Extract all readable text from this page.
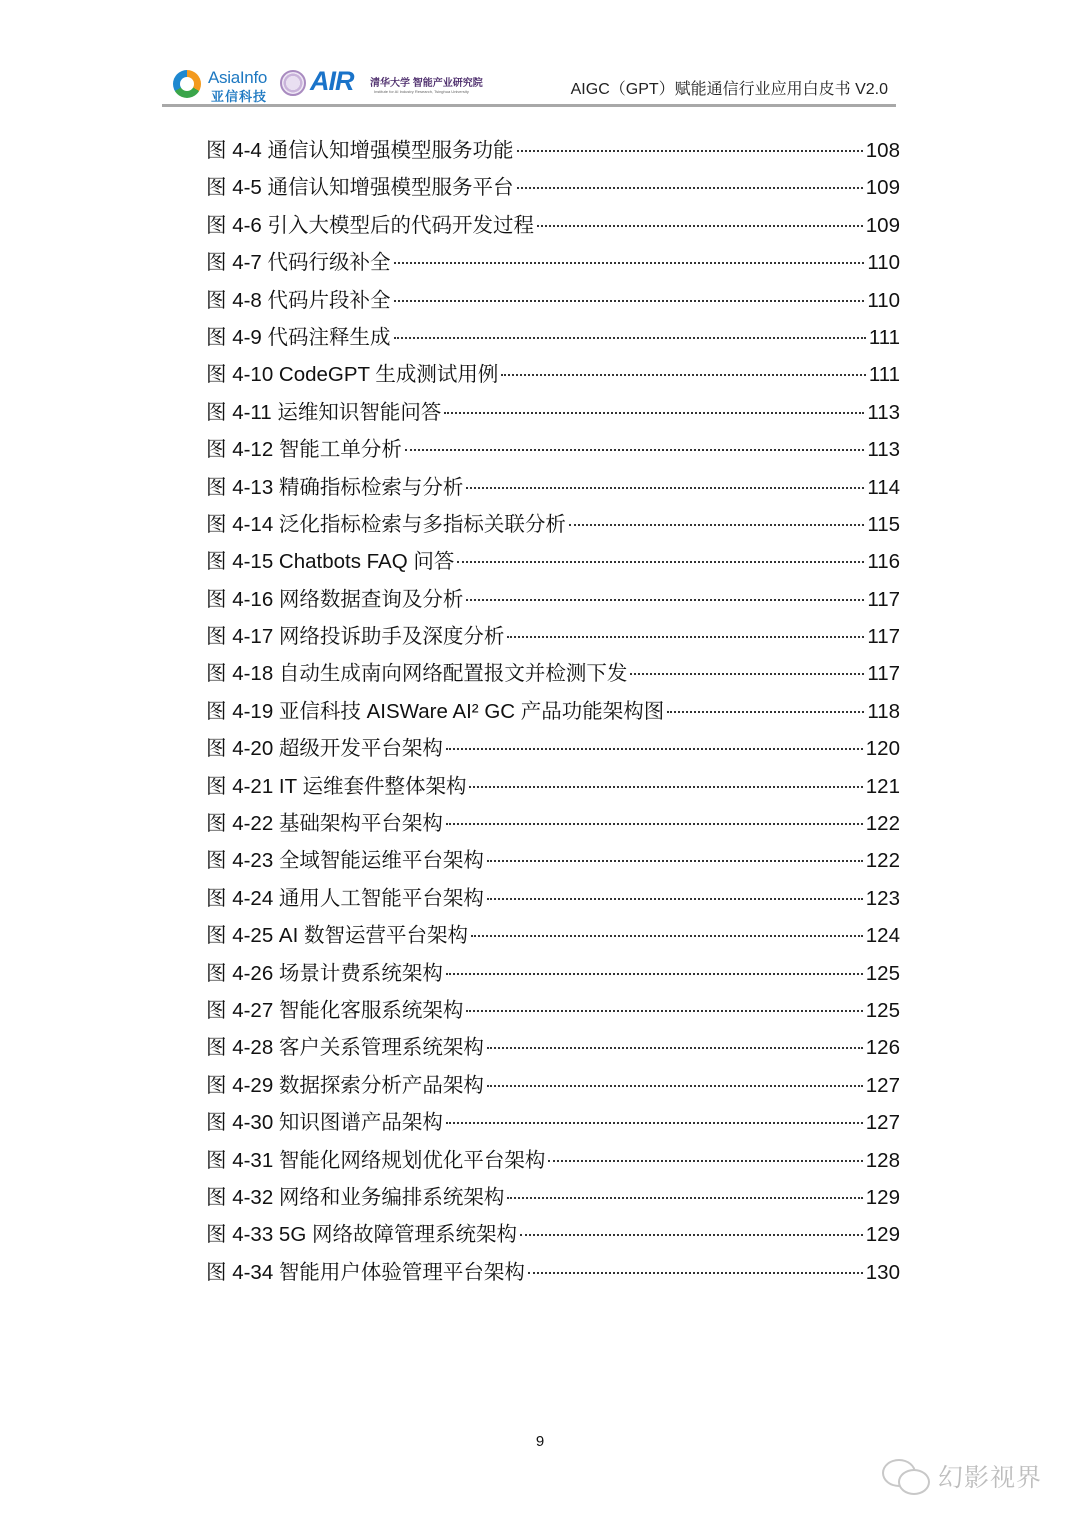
AsiaInfo
亚信科技
AIR 清华大学 智能产业研究院
Institute for AI Industry Research, Tsinghua University	AIGC（GPT）赋能通信行业应用白皮书 V2.0
图 4-4 通信认知增强模型服务功能	108
图 4-5 通信认知增强模型服务平台	109
图 4-6 引入大模型后的代码开发过程	109
图 4-7 代码行级补全	110
图 4-8 代码片段补全	110
图 4-9 代码注释生成	111
图 4-10 CodeGPT 生成测试用例	111
图 4-11 运维知识智能问答	113
图 4-12 智能工单分析	113
图 4-13 精确指标检索与分析	114
图 4-14 泛化指标检索与多指标关联分析	115
图 4-15 Chatbots FAQ 问答	116
图 4-16 网络数据查询及分析	117
图 4-17 网络投诉助手及深度分析	117
图 4-18 自动生成南向网络配置报文并检测下发	117
图 4-19 亚信科技 AISWare AI² GC 产品功能架构图	118
图 4-20 超级开发平台架构	120
图 4-21 IT 运维套件整体架构	121
图 4-22 基础架构平台架构	122
图 4-23 全域智能运维平台架构	122
图 4-24 通用人工智能平台架构	123
图 4-25 AI 数智运营平台架构	124
图 4-26 场景计费系统架构	125
图 4-27 智能化客服系统架构	125
图 4-28 客户关系管理系统架构	126
图 4-29 数据探索分析产品架构	127
图 4-30 知识图谱产品架构	127
图 4-31 智能化网络规划优化平台架构	128
图 4-32 网络和业务编排系统架构	129
图 4-33 5G 网络故障管理系统架构	129
图 4-34 智能用户体验管理平台架构	130
9
幻影视界
